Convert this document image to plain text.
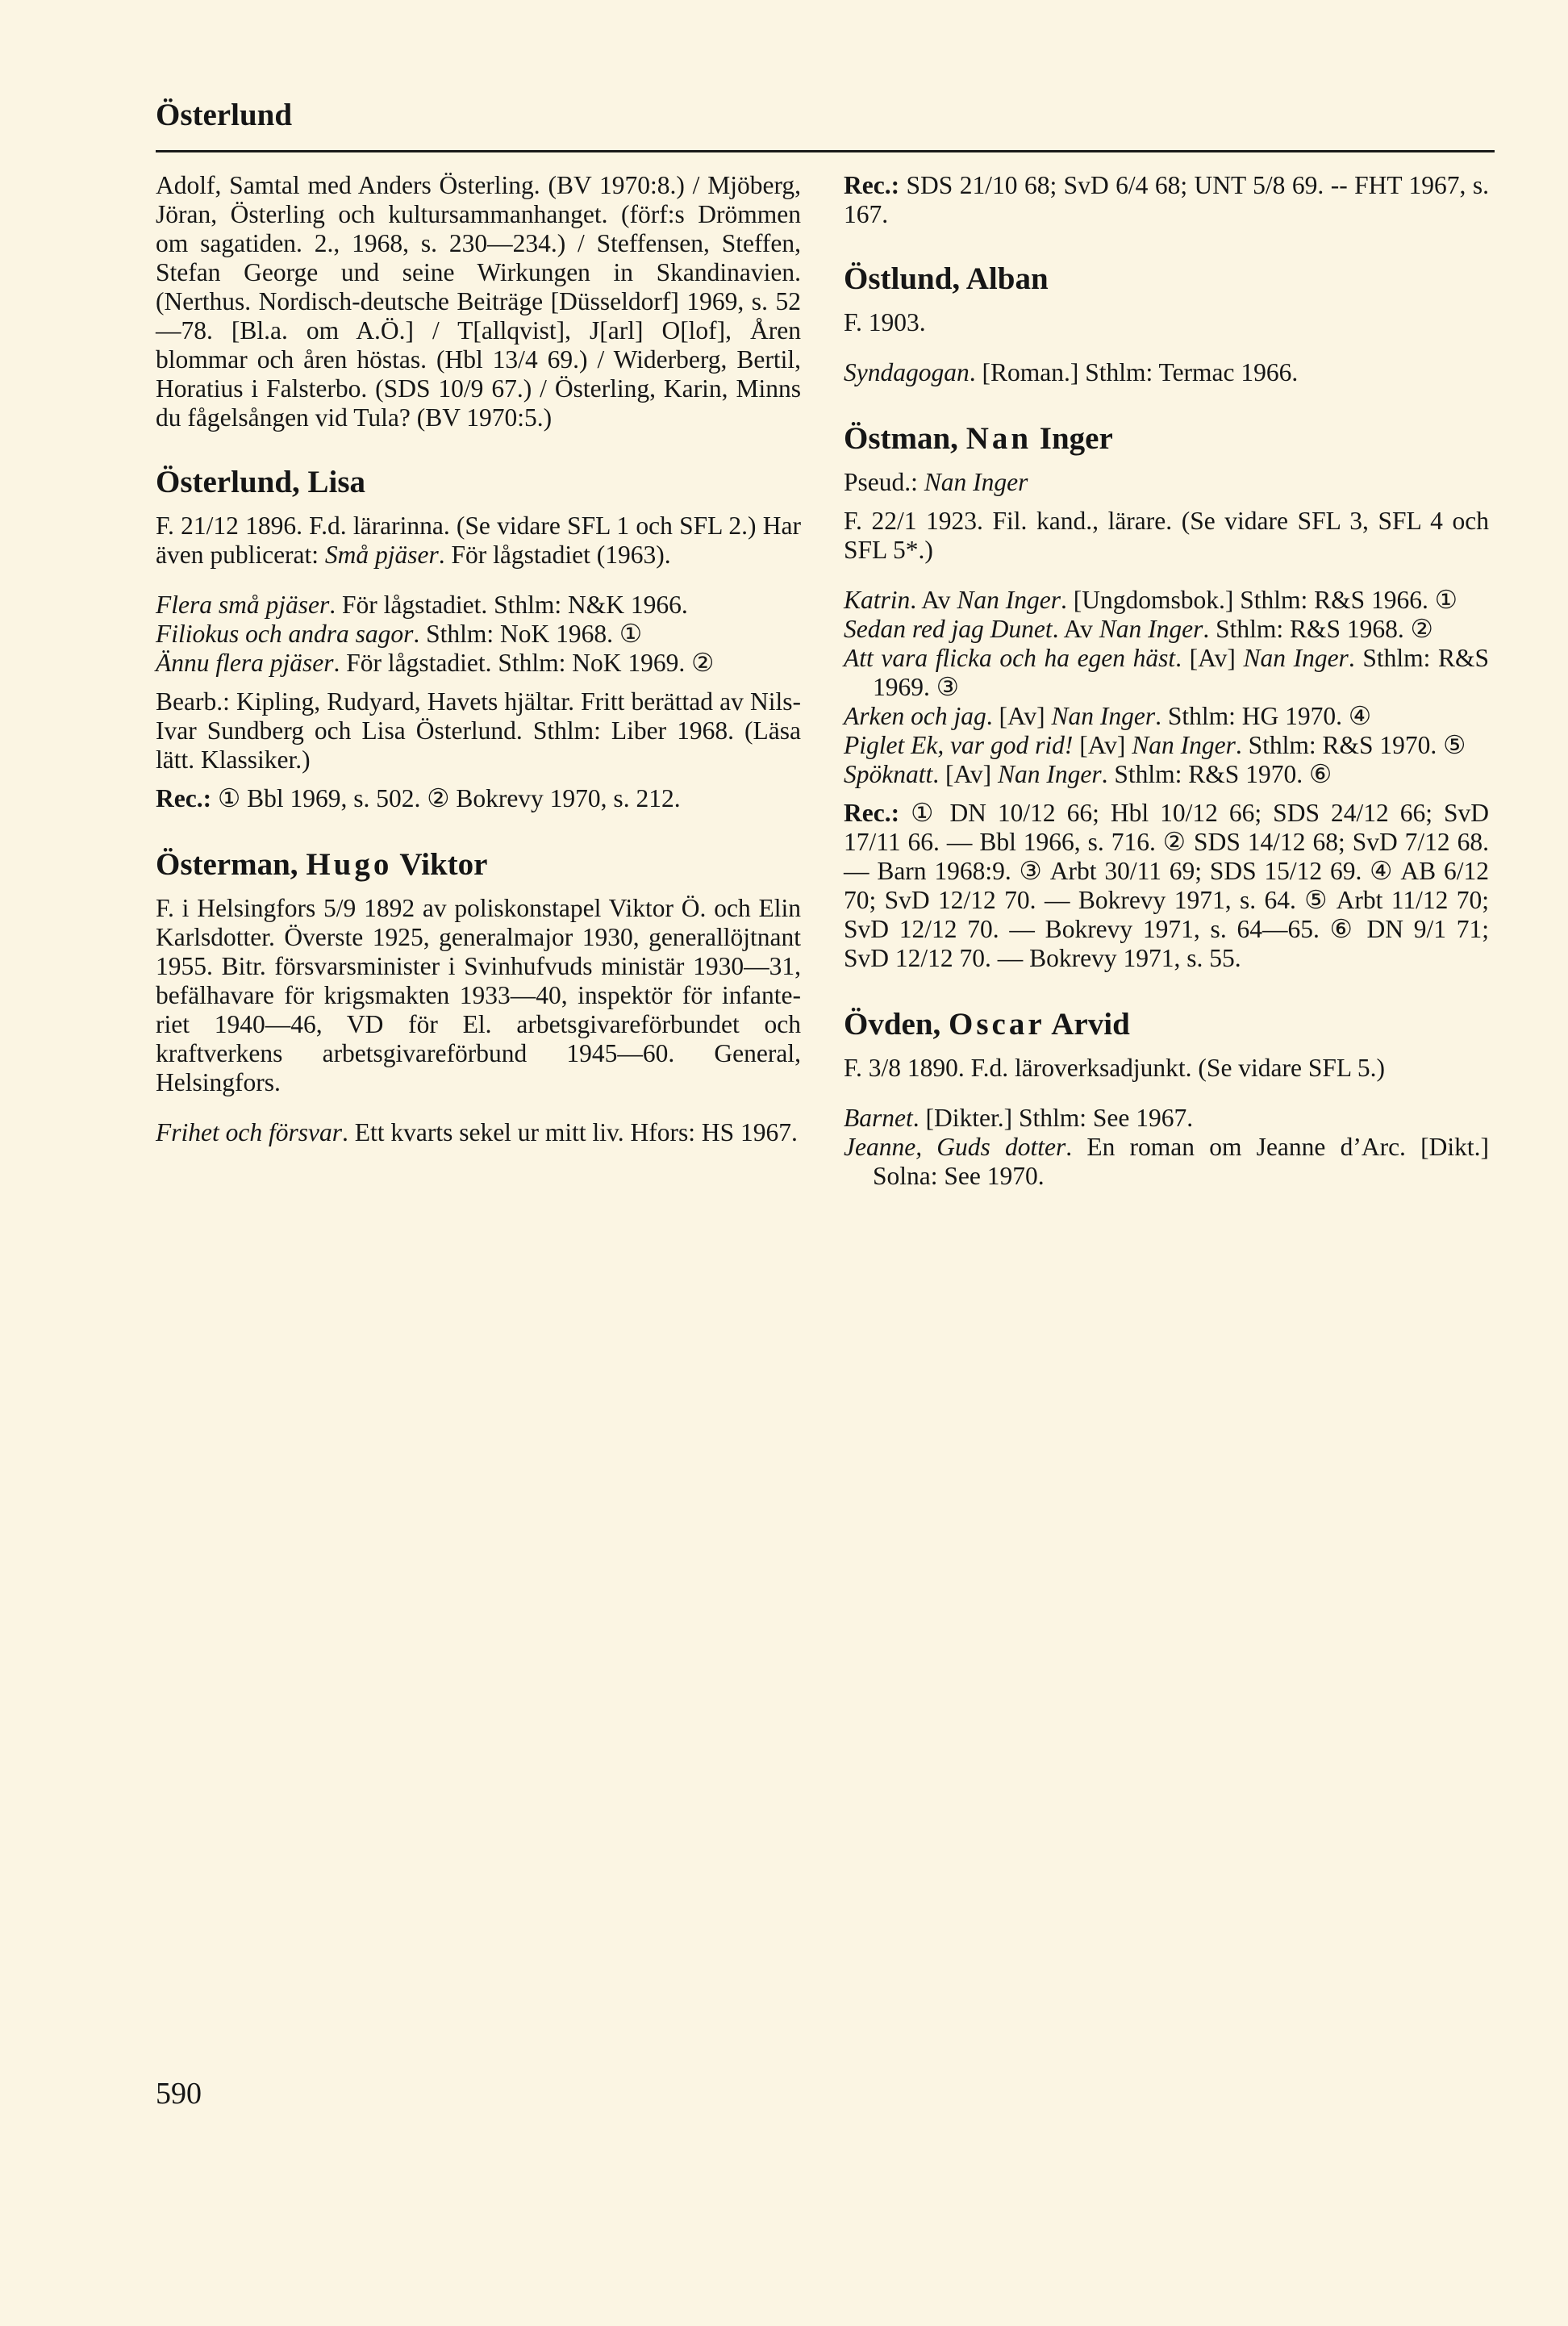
Österlund

Adolf, Samtal med Anders Österling. (BV 1970:8.) / Mjöberg, Jöran, Österling och kultursammanhanget. (förf:s Drömmen om sagatiden. 2., 1968, s. 230—234.) / Steffensen, Steffen, Stefan George und seine Wirkungen in Skandinavien. (Nerthus. Nordisch-deutsche Beiträge [Düsseldorf] 1969, s. 52—78. [Bl.a. om A.Ö.] / T[allqvist], J[arl] O[lof], Åren blommar och åren höstas. (Hbl 13/4 69.) / Widerberg, Bertil, Horatius i Falsterbo. (SDS 10/9 67.) / Österling, Karin, Minns du fågelsången vid Tula? (BV 1970:5.)

Österlund, Lisa

F. 21/12 1896. F.d. lärarinna. (Se vidare SFL 1 och SFL 2.) Har även publicerat: Små pjäser. För lågstadiet (1963).

Flera små pjäser. För lågstadiet. Sthlm: N&K 1966.

Filiokus och andra sagor. Sthlm: NoK 1968. ①

Ännu flera pjäser. För lågstadiet. Sthlm: NoK 1969. ②

Bearb.: Kipling, Rudyard, Havets hjältar. Fritt berättad av Nils-Ivar Sundberg och Lisa Österlund. Sthlm: Liber 1968. (Läsa lätt. Klassiker.)

Rec.: ① Bbl 1969, s. 502. ② Bokrevy 1970, s. 212.

Österman, Hugo Viktor

F. i Helsingfors 5/9 1892 av poliskonstapel Viktor Ö. och Elin Karlsdotter. Överste 1925, generalmajor 1930, generallöjtnant 1955. Bitr. försvarsminister i Svinhufvuds ministär 1930—31, befälhavare för krigsmakten 1933—40, inspektör för infanteriet 1940—46, VD för El. arbetsgivareförbundet och kraftverkens arbetsgivareförbund 1945—60. General, Helsingfors.

Frihet och försvar. Ett kvarts sekel ur mitt liv. Hfors: HS 1967.

Rec.: SDS 21/10 68; SvD 6/4 68; UNT 5/8 69. -- FHT 1967, s. 167.

Östlund, Alban

F. 1903.

Syndagogan. [Roman.] Sthlm: Termac 1966.

Östman, Nan Inger

Pseud.: Nan Inger

F. 22/1 1923. Fil. kand., lärare. (Se vidare SFL 3, SFL 4 och SFL 5*.)

Katrin. Av Nan Inger. [Ungdomsbok.] Sthlm: R&S 1966. ①

Sedan red jag Dunet. Av Nan Inger. Sthlm: R&S 1968. ②

Att vara flicka och ha egen häst. [Av] Nan Inger. Sthlm: R&S 1969. ③

Arken och jag. [Av] Nan Inger. Sthlm: HG 1970. ④

Piglet Ek, var god rid! [Av] Nan Inger. Sthlm: R&S 1970. ⑤

Spöknatt. [Av] Nan Inger. Sthlm: R&S 1970. ⑥

Rec.: ① DN 10/12 66; Hbl 10/12 66; SDS 24/12 66; SvD 17/11 66. — Bbl 1966, s. 716. ② SDS 14/12 68; SvD 7/12 68. — Barn 1968:9. ③ Arbt 30/11 69; SDS 15/12 69. ④ AB 6/12 70; SvD 12/12 70. — Bokrevy 1971, s. 64. ⑤ Arbt 11/12 70; SvD 12/12 70. — Bokrevy 1971, s. 64—65. ⑥ DN 9/1 71; SvD 12/12 70. — Bokrevy 1971, s. 55.

Övden, Oscar Arvid

F. 3/8 1890. F.d. läroverksadjunkt. (Se vidare SFL 5.)

Barnet. [Dikter.] Sthlm: See 1967.

Jeanne, Guds dotter. En roman om Jeanne d’Arc. [Dikt.] Solna: See 1970.

590
